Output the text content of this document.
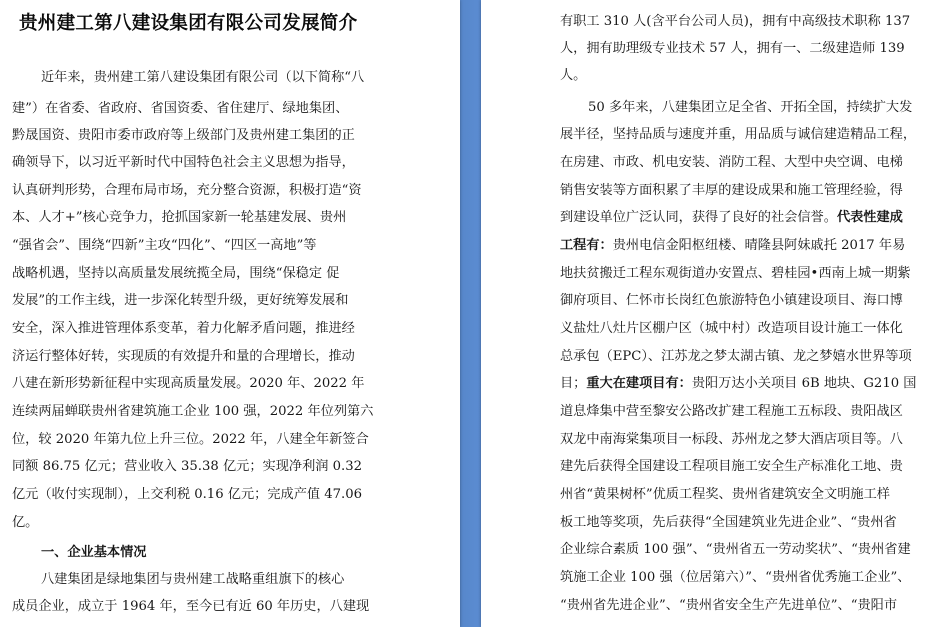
贵州建工第八建设集团有限公司发展简介
近年来，贵州建工第八建设集团有限公司（以下简称“八
建”）在省委、省政府、省国资委、省住建厅、绿地集团、
黔晟国资、贵阳市委市政府等上级部门及贵州建工集团的正
确领导下，以习近平新时代中国特色社会主义思想为指导，
认真研判形势，合理布局市场，充分整合资源，积极打造“资
本、人才+”核心竞争力，抢抓国家新一轮基建发展、贵州
“强省会”、围绕“四新”主攻“四化”、“四区一高地”等
战略机遇，坚持以高质量发展统揽全局，围绕“保稳定 促
发展”的工作主线，进一步深化转型升级，更好统筹发展和
安全，深入推进管理体系变革，着力化解矛盾问题，推进经
济运行整体好转，实现质的有效提升和量的合理增长，推动
八建在新形势新征程中实现高质量发展。2020 年、2022 年
连续两届蝉联贵州省建筑施工企业 100 强，2022 年位列第六
位，较 2020 年第九位上升三位。2022 年，八建全年新签合
同额 86.75 亿元；营业收入 35.38 亿元；实现净利润 0.32
亿元（收付实现制），上交利税 0.16 亿元；完成产值 47.06
亿。
一、企业基本情况
八建集团是绿地集团与贵州建工战略重组旗下的核心
成员企业，成立于 1964 年，至今已有近 60 年历史，八建现
有职工 310 人(含平台公司人员)，拥有中高级技术职称 137
人，拥有助理级专业技术 57 人，拥有一、二级建造师 139
人。
50 多年来，八建集团立足全省、开拓全国，持续扩大发
展半径，坚持品质与速度并重，用品质与诚信建造精品工程，
在房建、市政、机电安装、消防工程、大型中央空调、电梯
销售安装等方面积累了丰厚的建设成果和施工管理经验，得
到建设单位广泛认同，获得了良好的社会信誉。代表性建成
工程有：贵州电信金阳枢纽楼、晴隆县阿妹戚托 2017 年易
地扶贫搬迁工程东观街道办安置点、碧桂园•西南上城一期紫
御府项目、仁怀市长岗红色旅游特色小镇建设项目、海口博
义盐灶八灶片区棚户区（城中村）改造项目设计施工一体化
总承包（EPC）、江苏龙之梦太湖古镇、龙之梦嬉水世界等项
目；重大在建项目有：贵阳万达小关项目 6B 地块、G210 国
道息烽集中营至黎安公路改扩建工程施工五标段、贵阳战区
双龙中南海棠集项目一标段、苏州龙之梦大酒店项目等。八
建先后获得全国建设工程项目施工安全生产标准化工地、贵
州省“黄果树杯”优质工程奖、贵州省建筑安全文明施工样
板工地等奖项，先后获得“全国建筑业先进企业”、“贵州省
企业综合素质 100 强”、“贵州省五一劳动奖状”、“贵州省建
筑施工企业 100 强（位居第六）”、“贵州省优秀施工企业”、
“贵州省先进企业”、“贵州省安全生产先进单位”、“贵阳市
